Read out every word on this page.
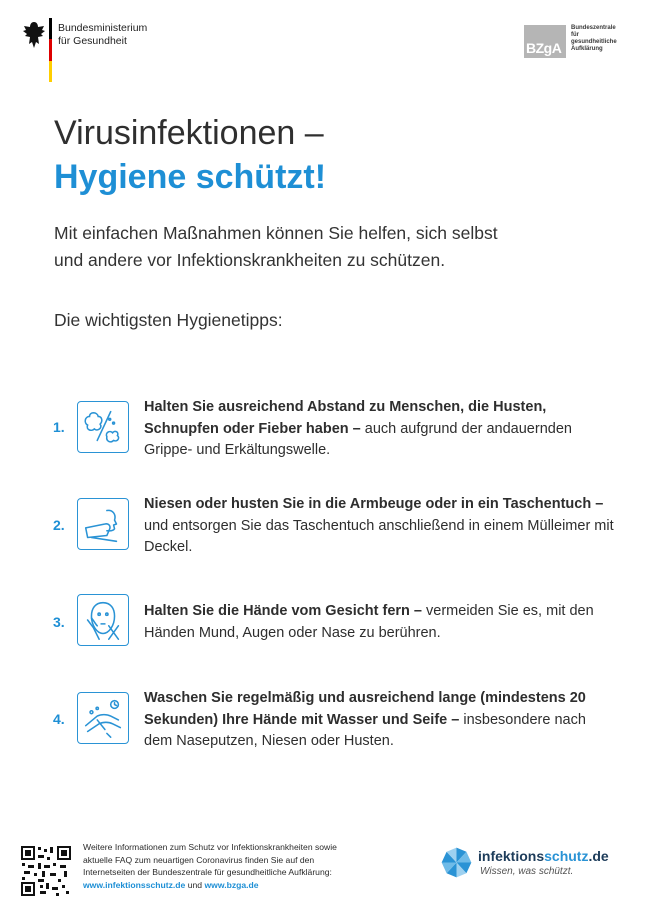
Bundesministerium
für Gesundheit	BZgA
Bundeszentrale
für
gesundheitliche
Aufklärung
Virusinfektionen –
Hygiene schützt!
Mit einfachen Maßnahmen können Sie helfen, sich selbst
und andere vor Infektionskrankheiten zu schützen.
Die wichtigsten Hygienetipps:
1.
Halten Sie ausreichend Abstand zu Menschen, die Husten, Schnupfen oder Fieber haben – auch aufgrund der andauernden Grippe- und Erkältungswelle.
2.
Niesen oder husten Sie in die Armbeuge oder in ein Taschentuch – und entsorgen Sie das Taschentuch anschließend in einem Mülleimer mit Deckel.
3.
Halten Sie die Hände vom Gesicht fern – vermeiden Sie es, mit den Händen Mund, Augen oder Nase zu berühren.
4.
Waschen Sie regelmäßig und ausreichend lange (mindestens 20 Sekunden) Ihre Hände mit Wasser und Seife – insbesondere nach dem Naseputzen, Niesen oder Husten.
Weitere Informationen zum Schutz vor Infektionskrankheiten sowie
aktuelle FAQ zum neuartigen Coronavirus finden Sie auf den
Internetseiten der Bundeszentrale für gesundheitliche Aufklärung:
www.infektionsschutz.de und www.bzga.de
infektionsschutz.de
Wissen, was schützt.
